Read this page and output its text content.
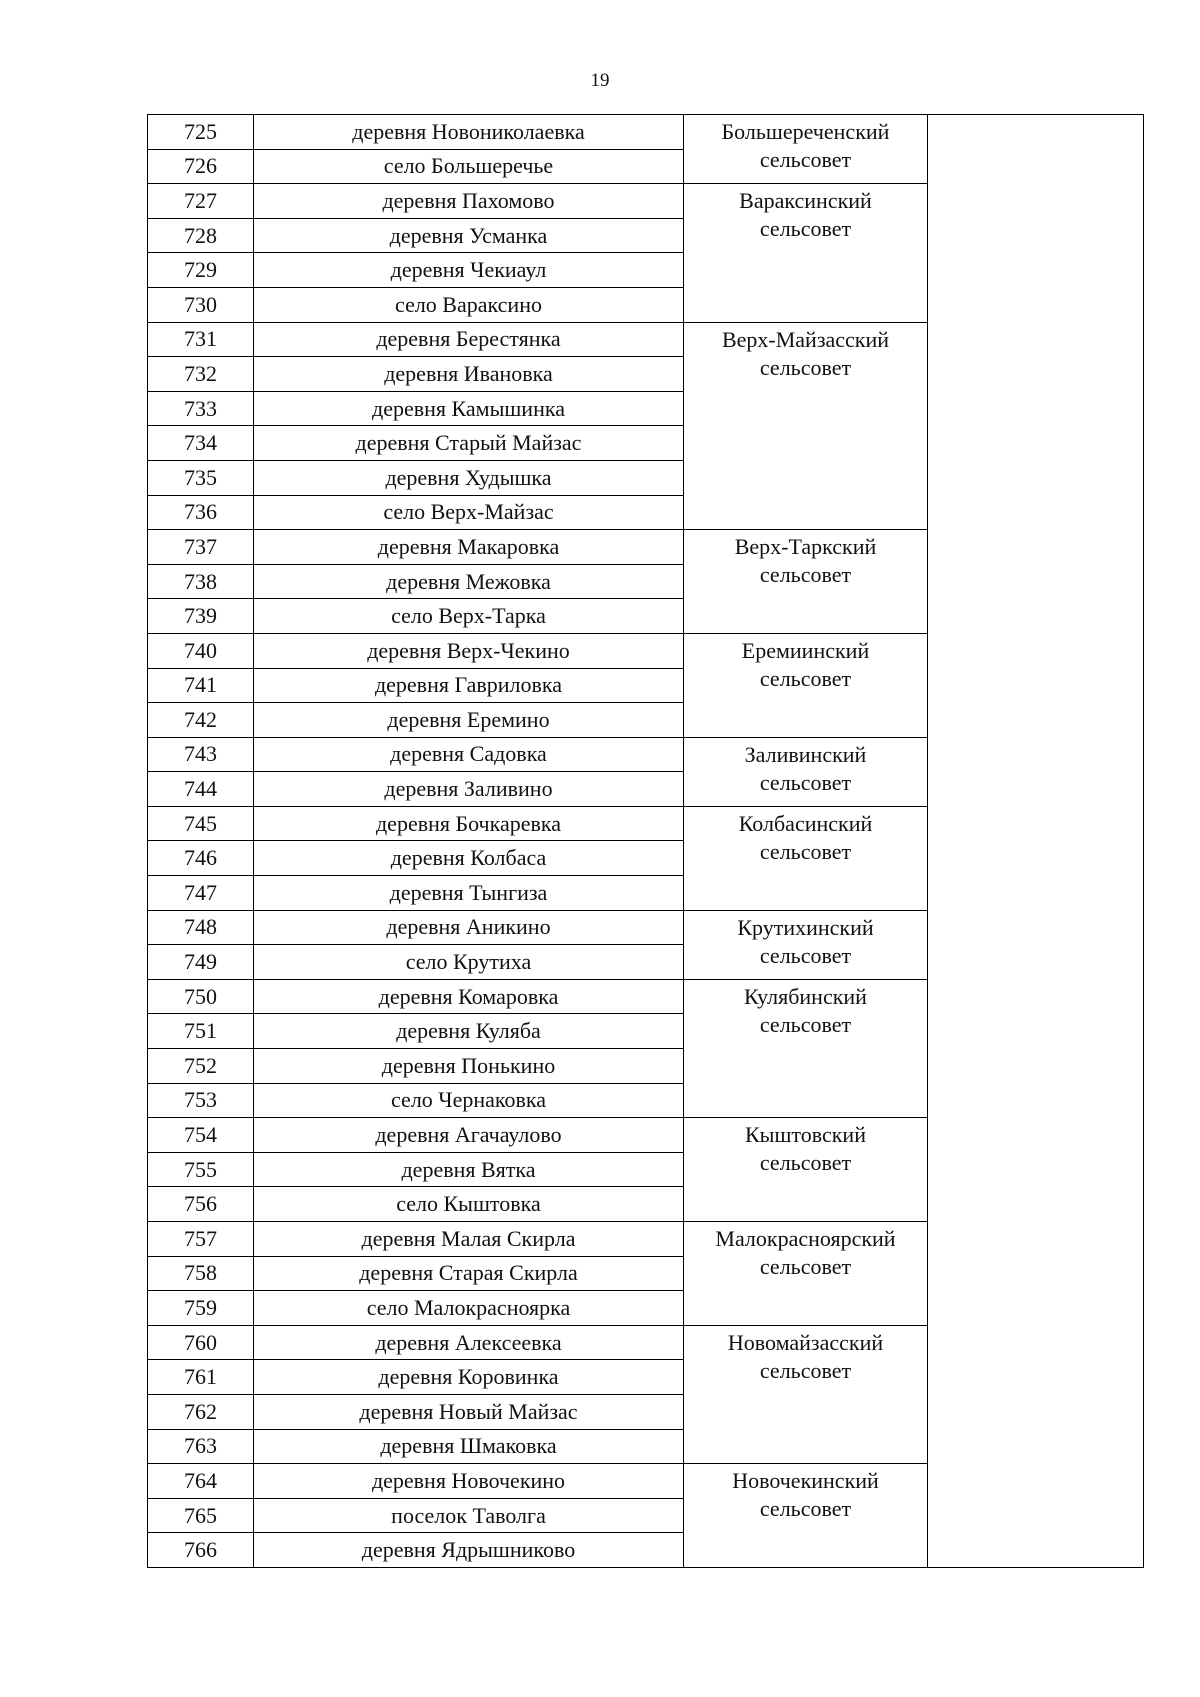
19
725	деревня Новониколаевка	Большереченский
сельсовет	

726	село Большеречье		
727	деревня Пахомово	Вараксинский
сельсовет	

728	деревня Усманка		
729	деревня Чекиаул		
730	село Вараксино		
731	деревня Берестянка	Верх-Майзасский
сельсовет	

732	деревня Ивановка		
733	деревня Камышинка		
734	деревня Старый Майзас		
735	деревня Худышка		
736	село Верх-Майзас		
737	деревня Макаровка	Верх-Таркский
сельсовет	

738	деревня Межовка		
739	село Верх-Тарка		
740	деревня Верх-Чекино	Еремиинский
сельсовет	

741	деревня Гавриловка		
742	деревня Еремино		
743	деревня Садовка	Заливинский
сельсовет	

744	деревня Заливино		
745	деревня Бочкаревка	Колбасинский
сельсовет	

746	деревня Колбаса		
747	деревня Тынгиза		
748	деревня Аникино	Крутихинский
сельсовет	

749	село Крутиха		
750	деревня Комаровка	Кулябинский
сельсовет	

751	деревня Куляба		
752	деревня Понькино		
753	село Чернаковка		
754	деревня Агачаулово	Кыштовский
сельсовет	

755	деревня Вятка		
756	село Кыштовка		
757	деревня Малая Скирла	Малокрасноярский
сельсовет	

758	деревня Старая Скирла		
759	село Малокрасноярка		
760	деревня Алексеевка	Новомайзасский
сельсовет	

761	деревня Коровинка		
762	деревня Новый Майзас		
763	деревня Шмаковка		
764	деревня Новочекино	Новочекинский
сельсовет	

765	поселок Таволга		
766	деревня Ядрышниково		
